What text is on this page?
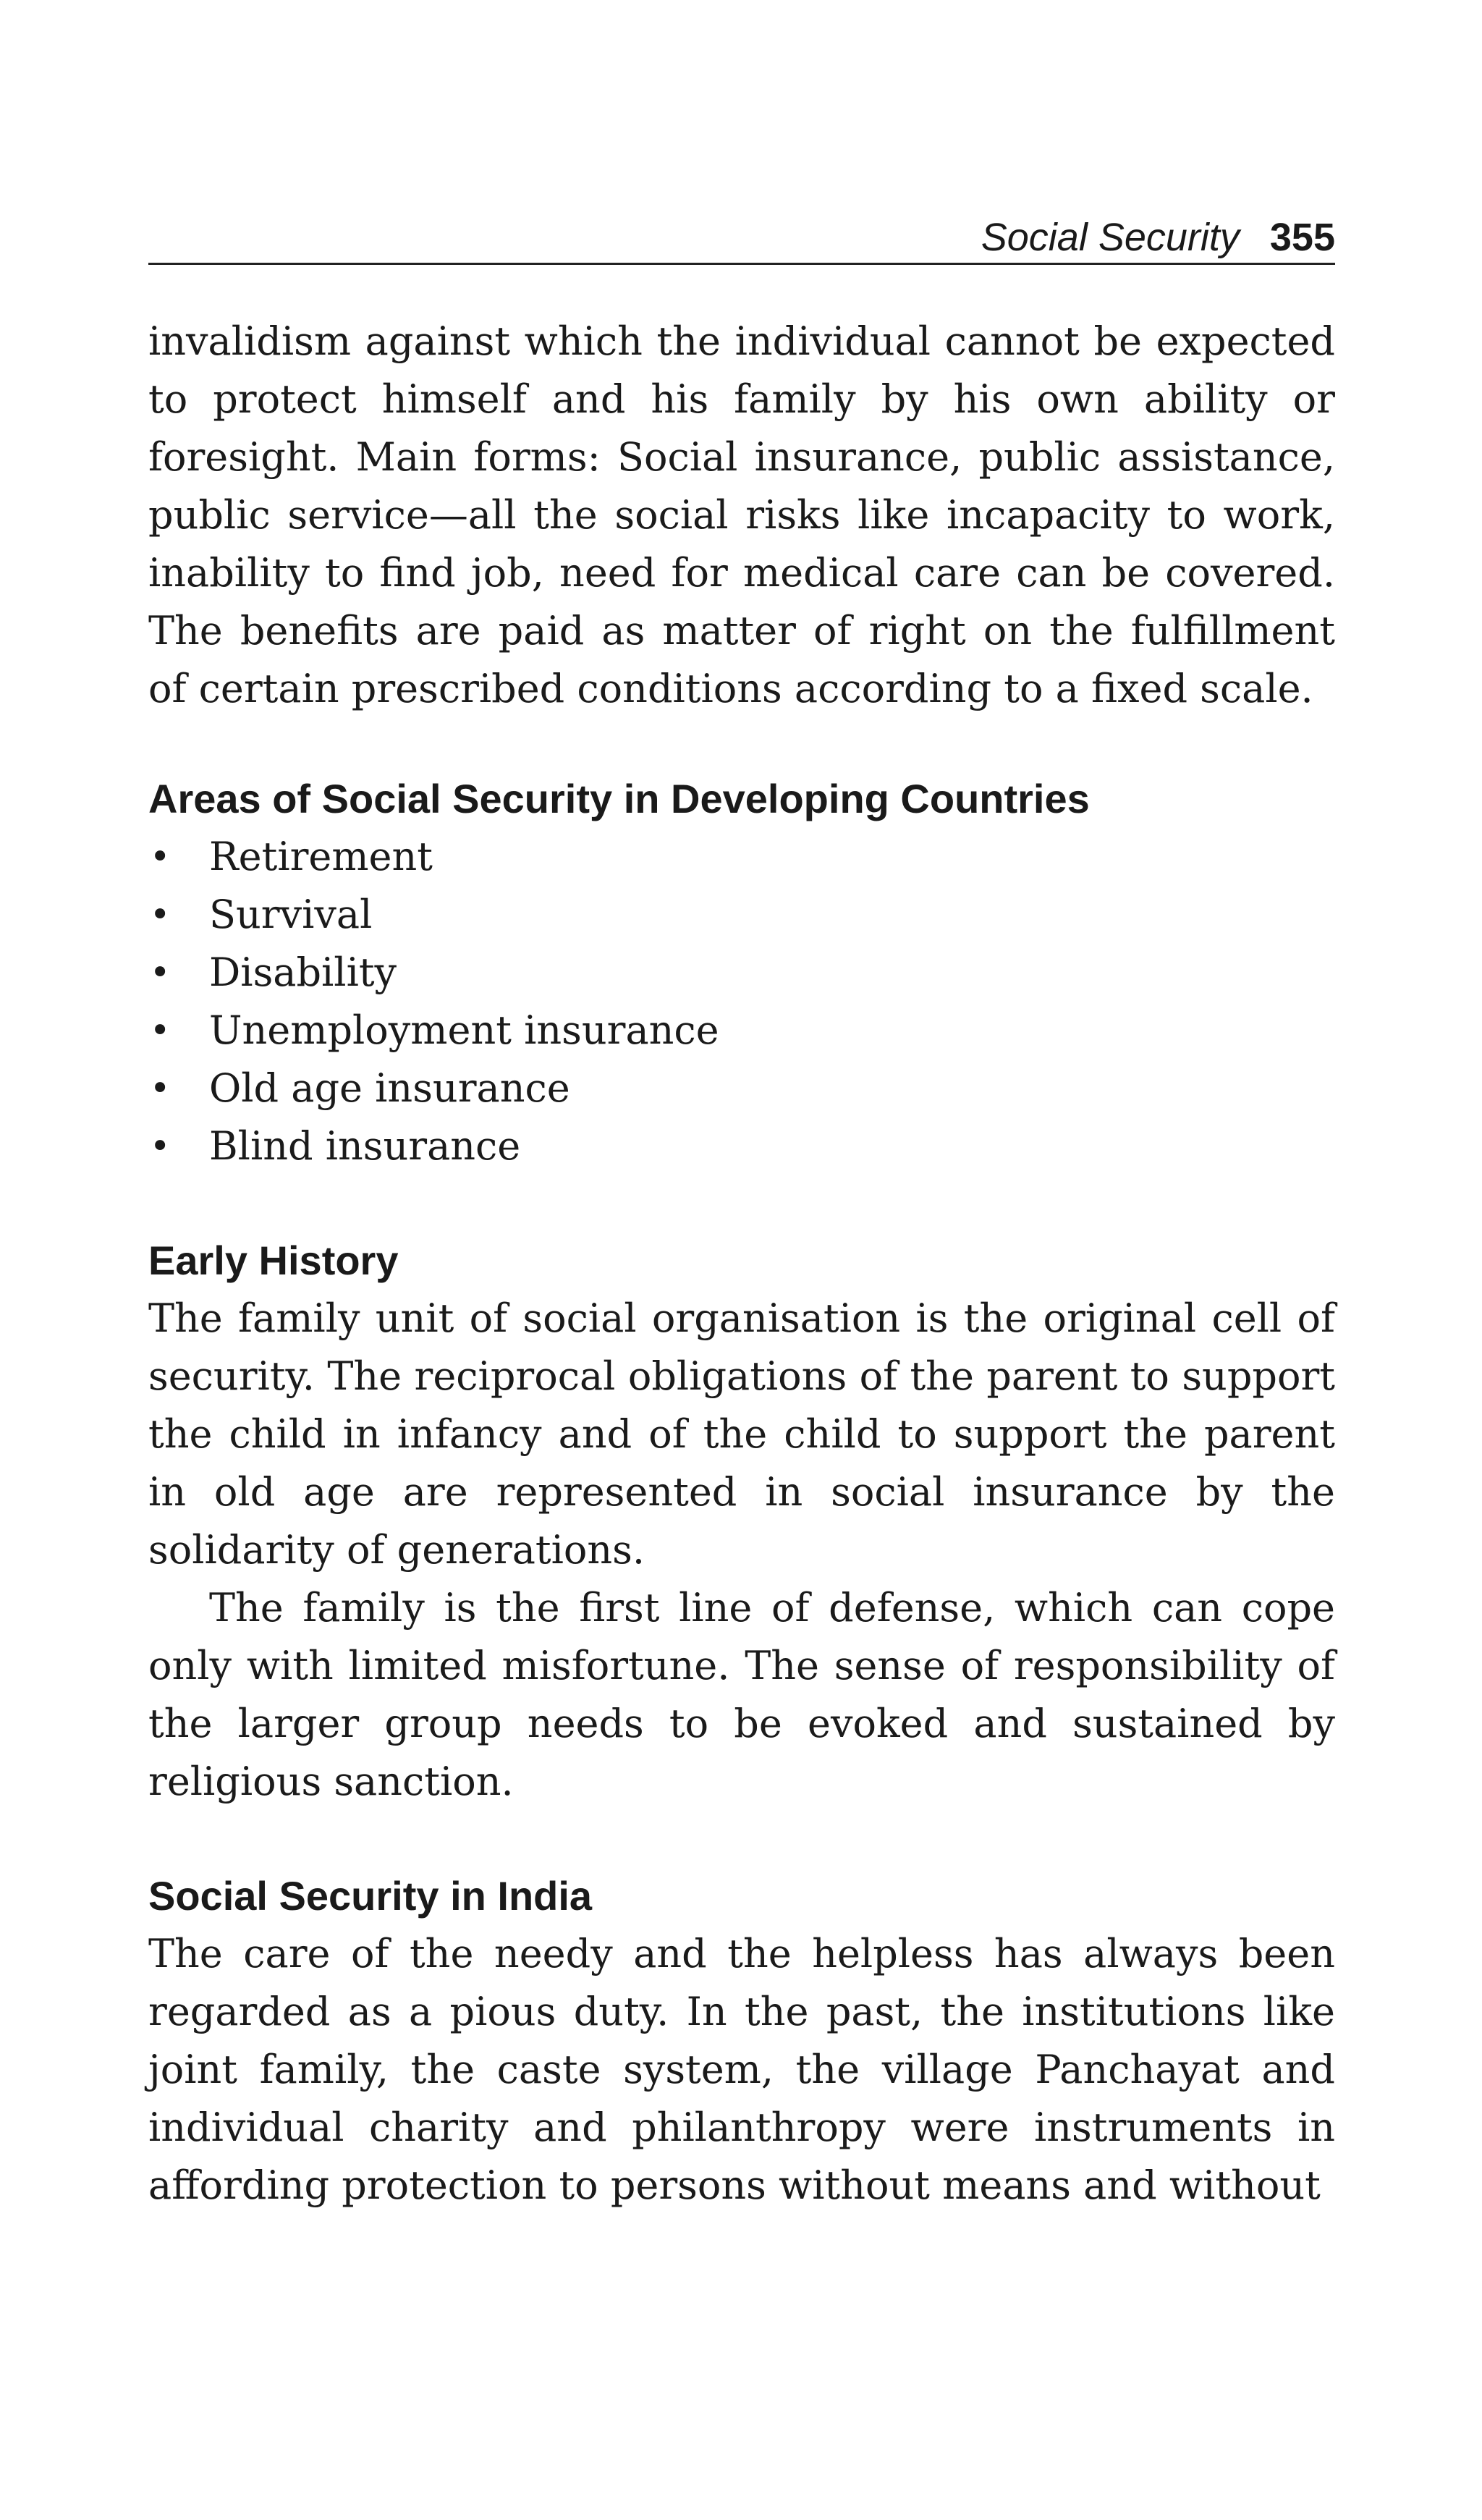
Social Security 355

invalidism against which the individual cannot be expected to protect himself and his family by his own ability or foresight. Main forms: Social insurance, public assistance, public service—all the social risks like incapacity to work, inability to find job, need for medical care can be covered. The benefits are paid as matter of right on the fulfillment of certain prescribed conditions according to a fixed scale.

Areas of Social Security in Developing Countries
• Retirement
• Survival
• Disability
• Unemployment insurance
• Old age insurance
• Blind insurance
Early History

The family unit of social organisation is the original cell of security. The reciprocal obligations of the parent to support the child in infancy and of the child to support the parent in old age are represented in social insurance by the solidarity of generations.

The family is the first line of defense, which can cope only with limited misfortune. The sense of responsibility of the larger group needs to be evoked and sustained by religious sanction.

Social Security in India

The care of the needy and the helpless has always been regarded as a pious duty. In the past, the institutions like joint family, the caste system, the village Panchayat and individual charity and philanthropy were instruments in affording protection to persons without means and without
